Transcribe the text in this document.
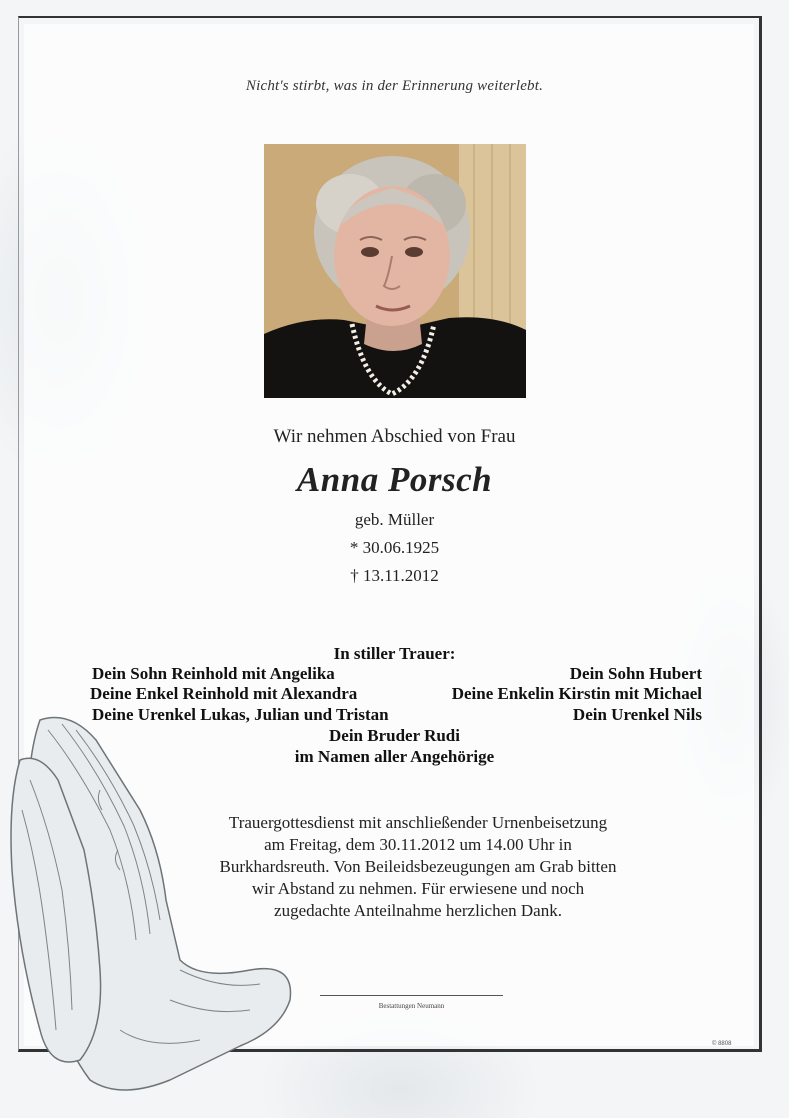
Nicht's stirbt, was in der Erinnerung weiterlebt.
Wir nehmen Abschied von Frau
Anna Porsch
geb. Müller
* 30.06.1925
† 13.11.2012
In stiller Trauer:
Dein Sohn Reinhold mit Angelika	Dein Sohn Hubert
Deine Enkel Reinhold mit Alexandra	Deine Enkelin Kirstin mit Michael
Deine Urenkel Lukas, Julian und Tristan	Dein Urenkel Nils
Dein Bruder Rudi
im Namen aller Angehörige
Trauergottesdienst mit anschließender Urnenbeisetzung
am Freitag, dem 30.11.2012 um 14.00 Uhr in
Burkhardsreuth. Von Beileidsbezeugungen am Grab bitten
wir Abstand zu nehmen. Für erwiesene und noch
zugedachte Anteilnahme herzlichen Dank.
Bestattungen Neumann
© 8808
